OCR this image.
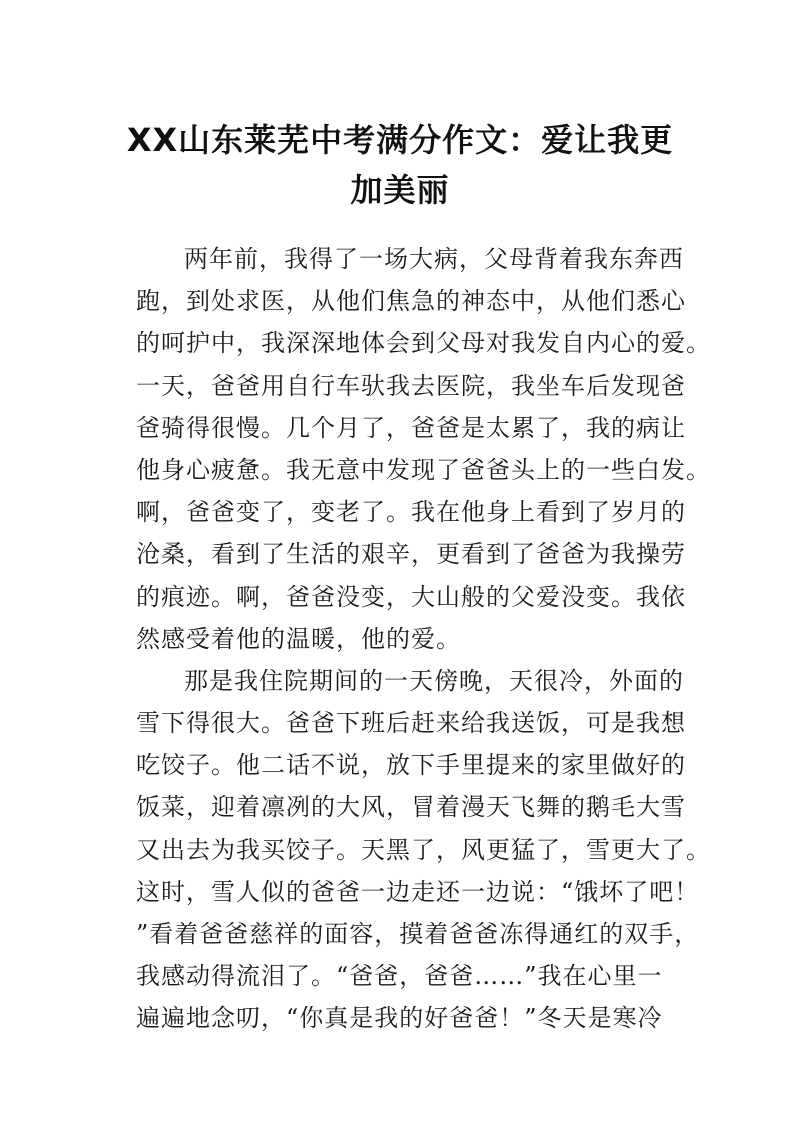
XX山东莱芜中考满分作文：爱让我更
加美丽
两年前，我得了一场大病，父母背着我东奔西
跑，到处求医，从他们焦急的神态中，从他们悉心
的呵护中，我深深地体会到父母对我发自内心的爱。
一天，爸爸用自行车驮我去医院，我坐车后发现爸
爸骑得很慢。几个月了，爸爸是太累了，我的病让
他身心疲惫。我无意中发现了爸爸头上的一些白发。
啊，爸爸变了，变老了。我在他身上看到了岁月的
沧桑，看到了生活的艰辛，更看到了爸爸为我操劳
的痕迹。啊，爸爸没变，大山般的父爱没变。我依
然感受着他的温暖，他的爱。
那是我住院期间的一天傍晚，天很冷，外面的
雪下得很大。爸爸下班后赶来给我送饭，可是我想
吃饺子。他二话不说，放下手里提来的家里做好的
饭菜，迎着凛冽的大风，冒着漫天飞舞的鹅毛大雪
又出去为我买饺子。天黑了，风更猛了，雪更大了。
这时，雪人似的爸爸一边走还一边说：“饿坏了吧！
”看着爸爸慈祥的面容，摸着爸爸冻得通红的双手，
我感动得流泪了。“爸爸，爸爸……”我在心里一
遍遍地念叨，“你真是我的好爸爸！”冬天是寒冷
